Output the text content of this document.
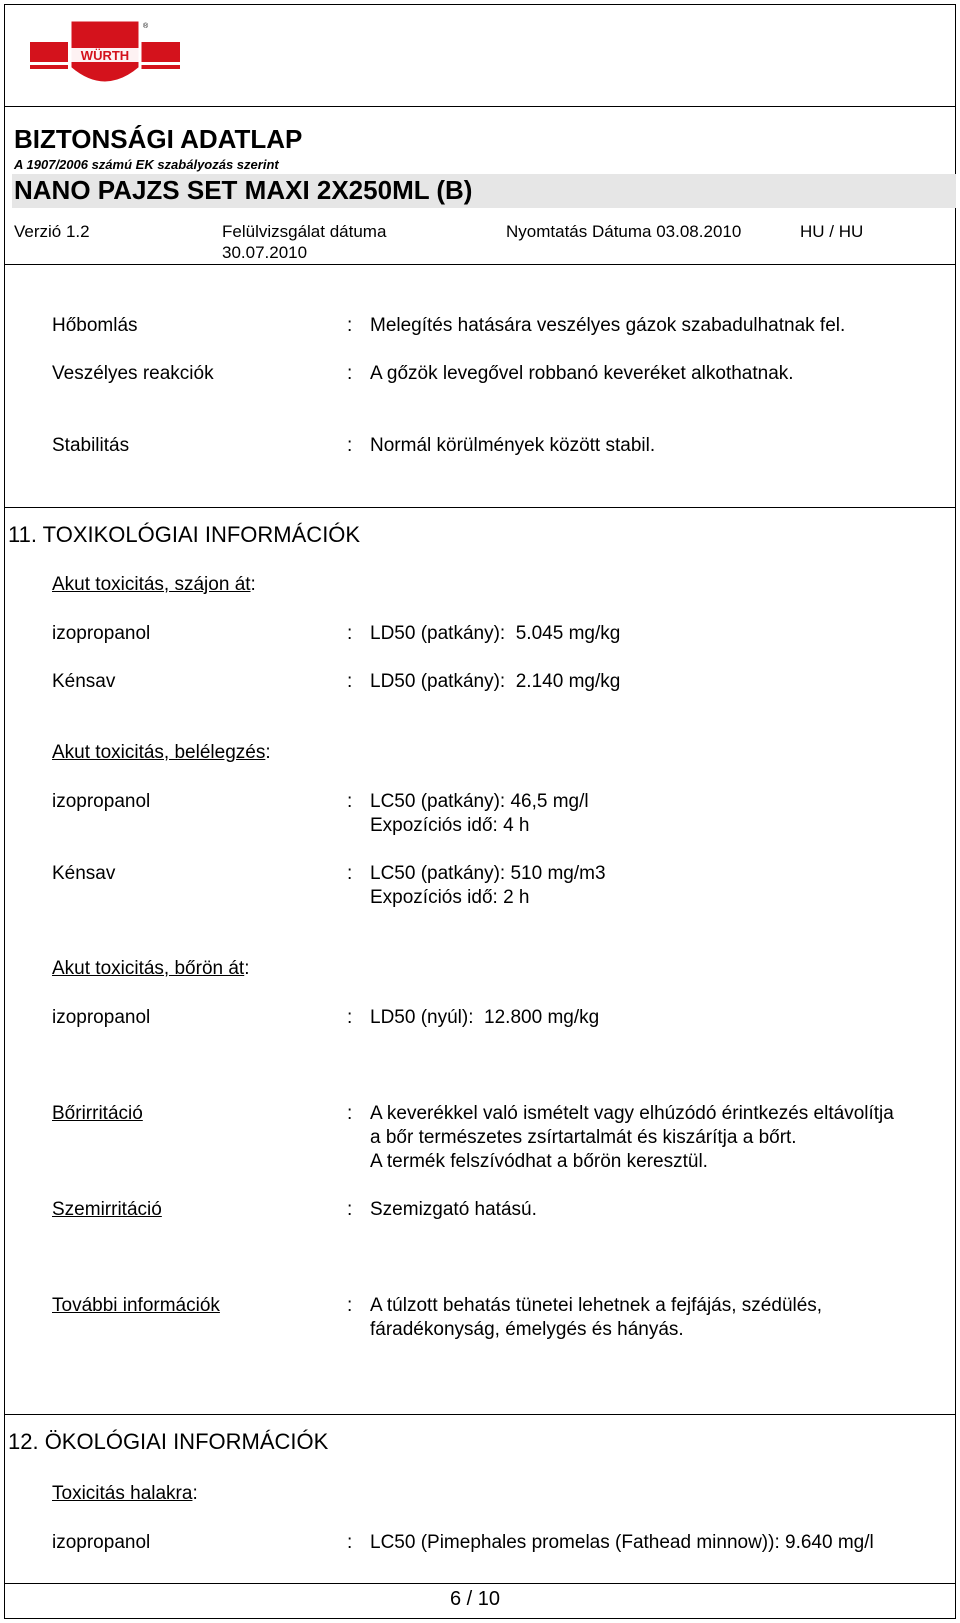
WÜRTH
®
BIZTONSÁGI ADATLAP
A 1907/2006 számú EK szabályozás szerint
NANO PAJZS SET MAXI 2X250ML (B)
Verzió 1.2	Felülvizsgálat dátuma
30.07.2010
Nyomtatás Dátuma 03.08.2010	HU / HU
Hőbomlás	: Melegítés hatására veszélyes gázok szabadulhatnak fel.
Veszélyes reakciók	: A gőzök levegővel robbanó keveréket alkothatnak.
Stabilitás	: Normál körülmények között stabil.
11. TOXIKOLÓGIAI INFORMÁCIÓK
Akut toxicitás, szájon át:
izopropanol	: LD50 (patkány):  5.045 mg/kg
Kénsav	: LD50 (patkány):  2.140 mg/kg
Akut toxicitás, belélegzés:
izopropanol	: LC50 (patkány): 46,5 mg/l
Expozíciós idő: 4 h
Kénsav	: LC50 (patkány): 510 mg/m3
Expozíciós idő: 2 h
Akut toxicitás, bőrön át:
izopropanol	: LD50 (nyúl):  12.800 mg/kg
Bőrirritáció	: A keverékkel való ismételt vagy elhúzódó érintkezés eltávolítja
a bőr természetes zsírtartalmát és kiszárítja a bőrt.
A termék felszívódhat a bőrön keresztül.
Szemirritáció	: Szemizgató hatású.
További információk	: A túlzott behatás tünetei lehetnek a fejfájás, szédülés,
fáradékonyság, émelygés és hányás.
12. ÖKOLÓGIAI INFORMÁCIÓK
Toxicitás halakra:
izopropanol	: LC50 (Pimephales promelas (Fathead minnow)): 9.640 mg/l
6 / 10
